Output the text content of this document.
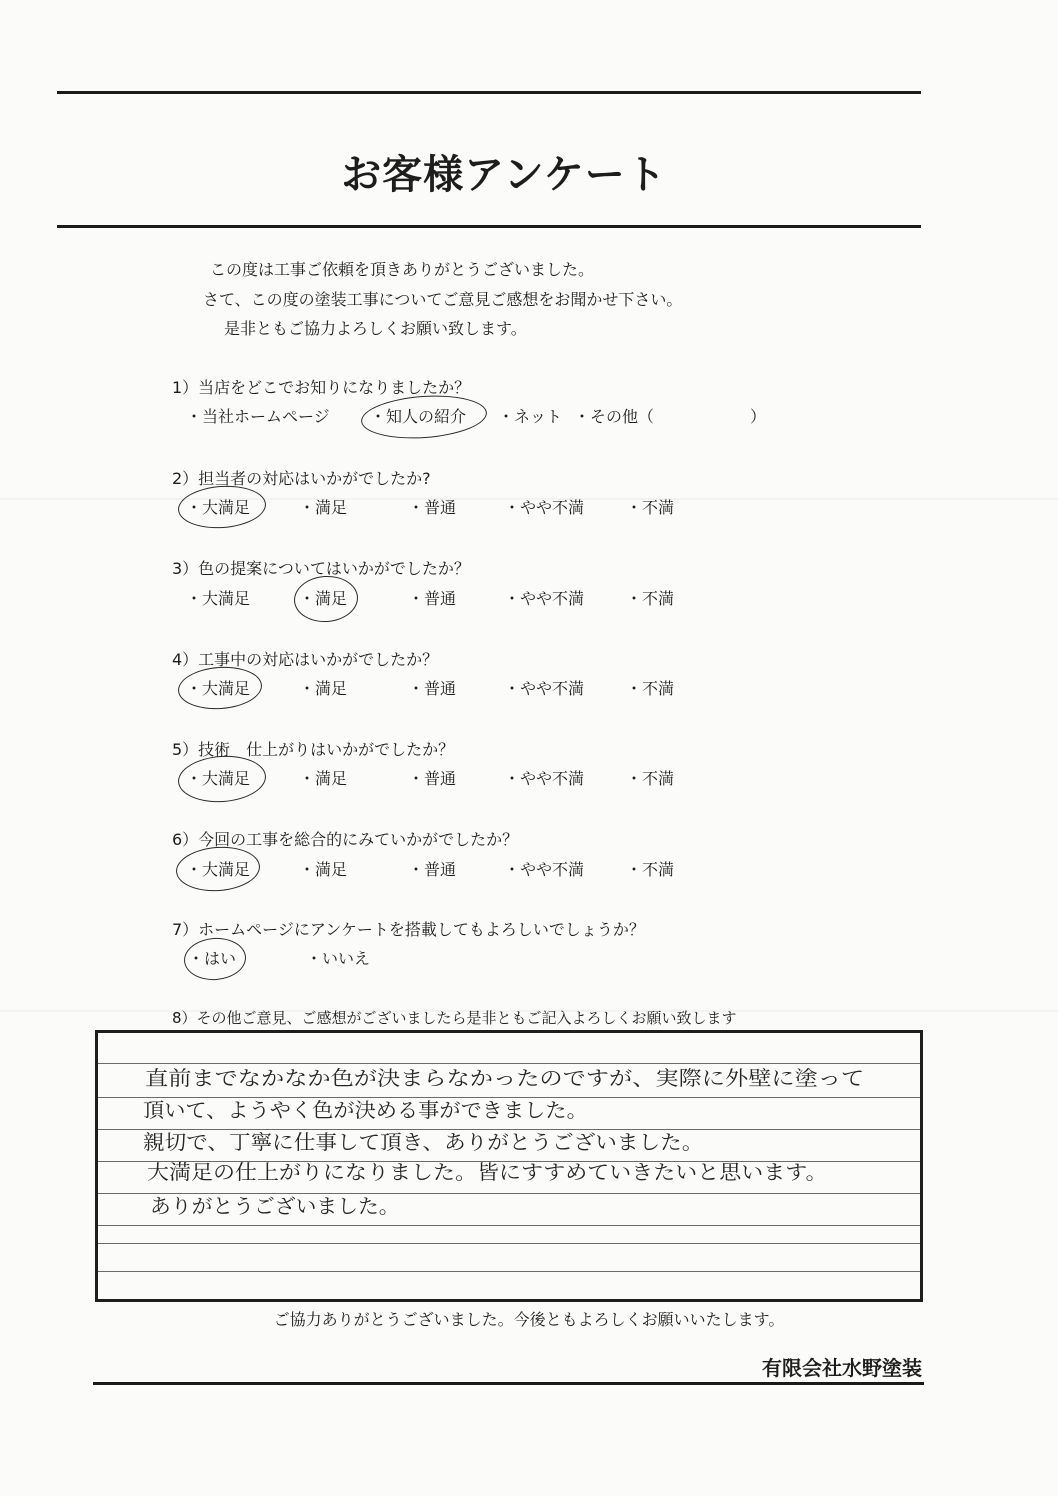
お客様アンケート
この度は工事ご依頼を頂きありがとうございました。
さて、この度の塗装工事についてご意見ご感想をお聞かせ下さい。
是非ともご協力よろしくお願い致します。
1）当店をどこでお知りになりましたか？
・当社ホームページ	・知人の紹介 ・ネット ・その他（　　　　　　）
2）担当者の対応はいかがでしたか?
・大満足	・満足	・普通	・やや不満	・不満
3）色の提案についてはいかがでしたか？
・大満足	・満足	・普通	・やや不満	・不満
4）工事中の対応はいかがでしたか？
・大満足	・満足	・普通	・やや不満	・不満
5）技術　仕上がりはいかがでしたか？
・大満足	・満足	・普通	・やや不満	・不満
6）今回の工事を総合的にみていかがでしたか？
・大満足	・満足	・普通	・やや不満	・不満
7）ホームページにアンケートを搭載してもよろしいでしょうか？
・はい	・いいえ
8）その他ご意見、ご感想がございましたら是非ともご記入よろしくお願い致します
直前までなかなか色が決まらなかったのですが、実際に外壁に塗って
頂いて、ようやく色が決める事ができました。
親切で、丁寧に仕事して頂き、ありがとうございました。
大満足の仕上がりになりました。皆にすすめていきたいと思います。
ありがとうございました。
ご協力ありがとうございました。今後ともよろしくお願いいたします。
有限会社水野塗装
